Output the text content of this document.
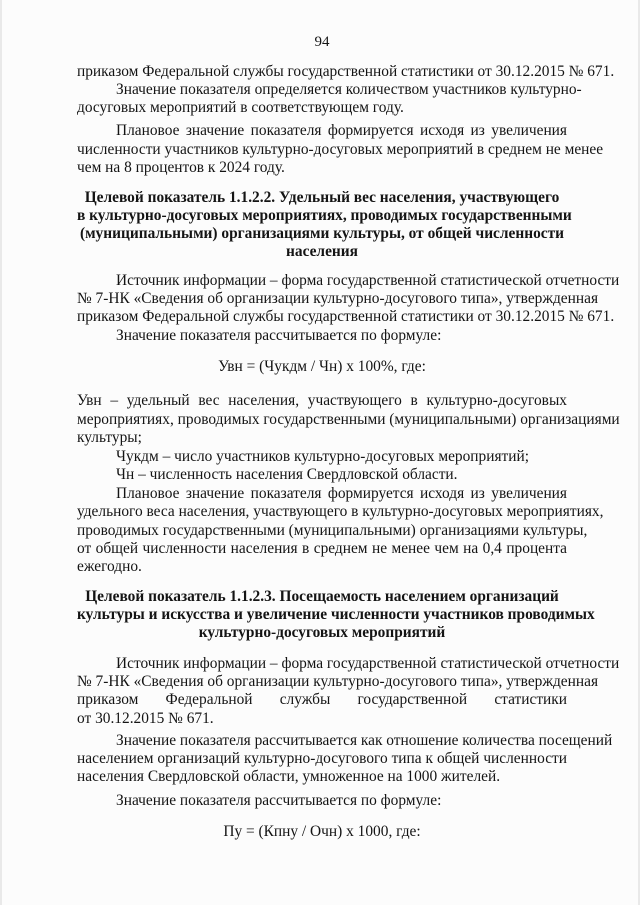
94
приказом Федеральной службы государственной статистики от 30.12.2015 № 671.
Значение показателя определяется количеством участников культурно-
досуговых мероприятий в соответствующем году.
Плановое значение показателя формируется исходя из увеличения
численности участников культурно-досуговых мероприятий в среднем не менее
чем на 8 процентов к 2024 году.
Целевой показатель 1.1.2.2. Удельный вес населения, участвующего
в культурно-досуговых мероприятиях, проводимых государственными
(муниципальными) организациями культуры, от общей численности
населения
Источник информации – форма государственной статистической отчетности
№ 7-НК «Сведения об организации культурно-досугового типа», утвержденная
приказом Федеральной службы государственной статистики от 30.12.2015 № 671.
Значение показателя рассчитывается по формуле:
Увн = (Чукдм / Чн) x 100%, где:
Увн – удельный вес населения, участвующего в культурно-досуговых
мероприятиях, проводимых государственными (муниципальными) организациями
культуры;
Чукдм – число участников культурно-досуговых мероприятий;
Чн – численность населения Свердловской области.
Плановое значение показателя формируется исходя из увеличения
удельного веса населения, участвующего в культурно-досуговых мероприятиях,
проводимых государственными (муниципальными) организациями культуры,
от общей численности населения в среднем не менее чем на 0,4 процента
ежегодно.
Целевой показатель 1.1.2.3. Посещаемость населением организаций
культуры и искусства и увеличение численности участников проводимых
культурно-досуговых мероприятий
Источник информации – форма государственной статистической отчетности
№ 7-НК «Сведения об организации культурно-досугового типа», утвержденная
приказом Федеральной службы государственной статистики
от 30.12.2015 № 671.
Значение показателя рассчитывается как отношение количества посещений
населением организаций культурно-досугового типа к общей численности
населения Свердловской области, умноженное на 1000 жителей.
Значение показателя рассчитывается по формуле:
Пу = (Кпну / Очн) x 1000, где:
